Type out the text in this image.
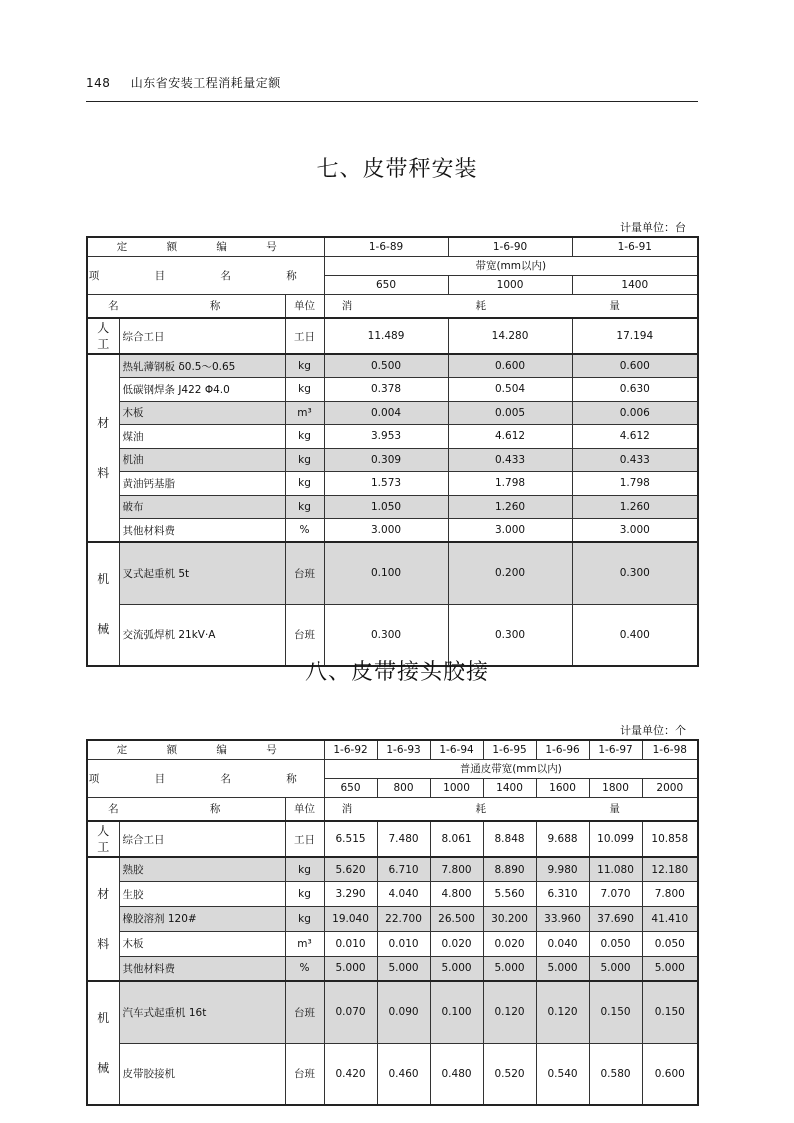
148 山东省安装工程消耗量定额
七、皮带秤安装
计量单位：台
定 额 编 号			1-6-89	1-6-90	1-6-91
项 目 名 称			带宽(mm以内)		
			650	1000	1400
名 称		单位	消 耗 量		

人
工	综合工日	工日	11.489	14.280	17.194

材
料	热轧薄钢板 δ0.5～0.65	kg	0.500	0.600	0.600
	低碳钢焊条 J422 Φ4.0	kg	0.378	0.504	0.630
	木板	m³	0.004	0.005	0.006
	煤油	kg	3.953	4.612	4.612
	机油	kg	0.309	0.433	0.433
	黄油钙基脂	kg	1.573	1.798	1.798
	破布	kg	1.050	1.260	1.260
	其他材料费	%	3.000	3.000	3.000

机
械	叉式起重机 5t	台班	0.100	0.200	0.300
	交流弧焊机 21kV·A	台班	0.300	0.300	0.400
八、皮带接头胶接
计量单位：个
定 额 编 号			1-6-92	1-6-93	1-6-94	1-6-95	1-6-96	1-6-97	1-6-98
项 目 名 称			普通皮带宽(mm以内)						
			650	800	1000	1400	1600	1800	2000
名 称		单位	消 耗 量						

人
工	综合工日	工日	6.515	7.480	8.061	8.848	9.688	10.099	10.858

材
料	熟胶	kg	5.620	6.710	7.800	8.890	9.980	11.080	12.180
	生胶	kg	3.290	4.040	4.800	5.560	6.310	7.070	7.800
	橡胶溶剂 120#	kg	19.040	22.700	26.500	30.200	33.960	37.690	41.410
	木板	m³	0.010	0.010	0.020	0.020	0.040	0.050	0.050
	其他材料费	%	5.000	5.000	5.000	5.000	5.000	5.000	5.000

机
械	汽车式起重机 16t	台班	0.070	0.090	0.100	0.120	0.120	0.150	0.150
	皮带胶接机	台班	0.420	0.460	0.480	0.520	0.540	0.580	0.600
